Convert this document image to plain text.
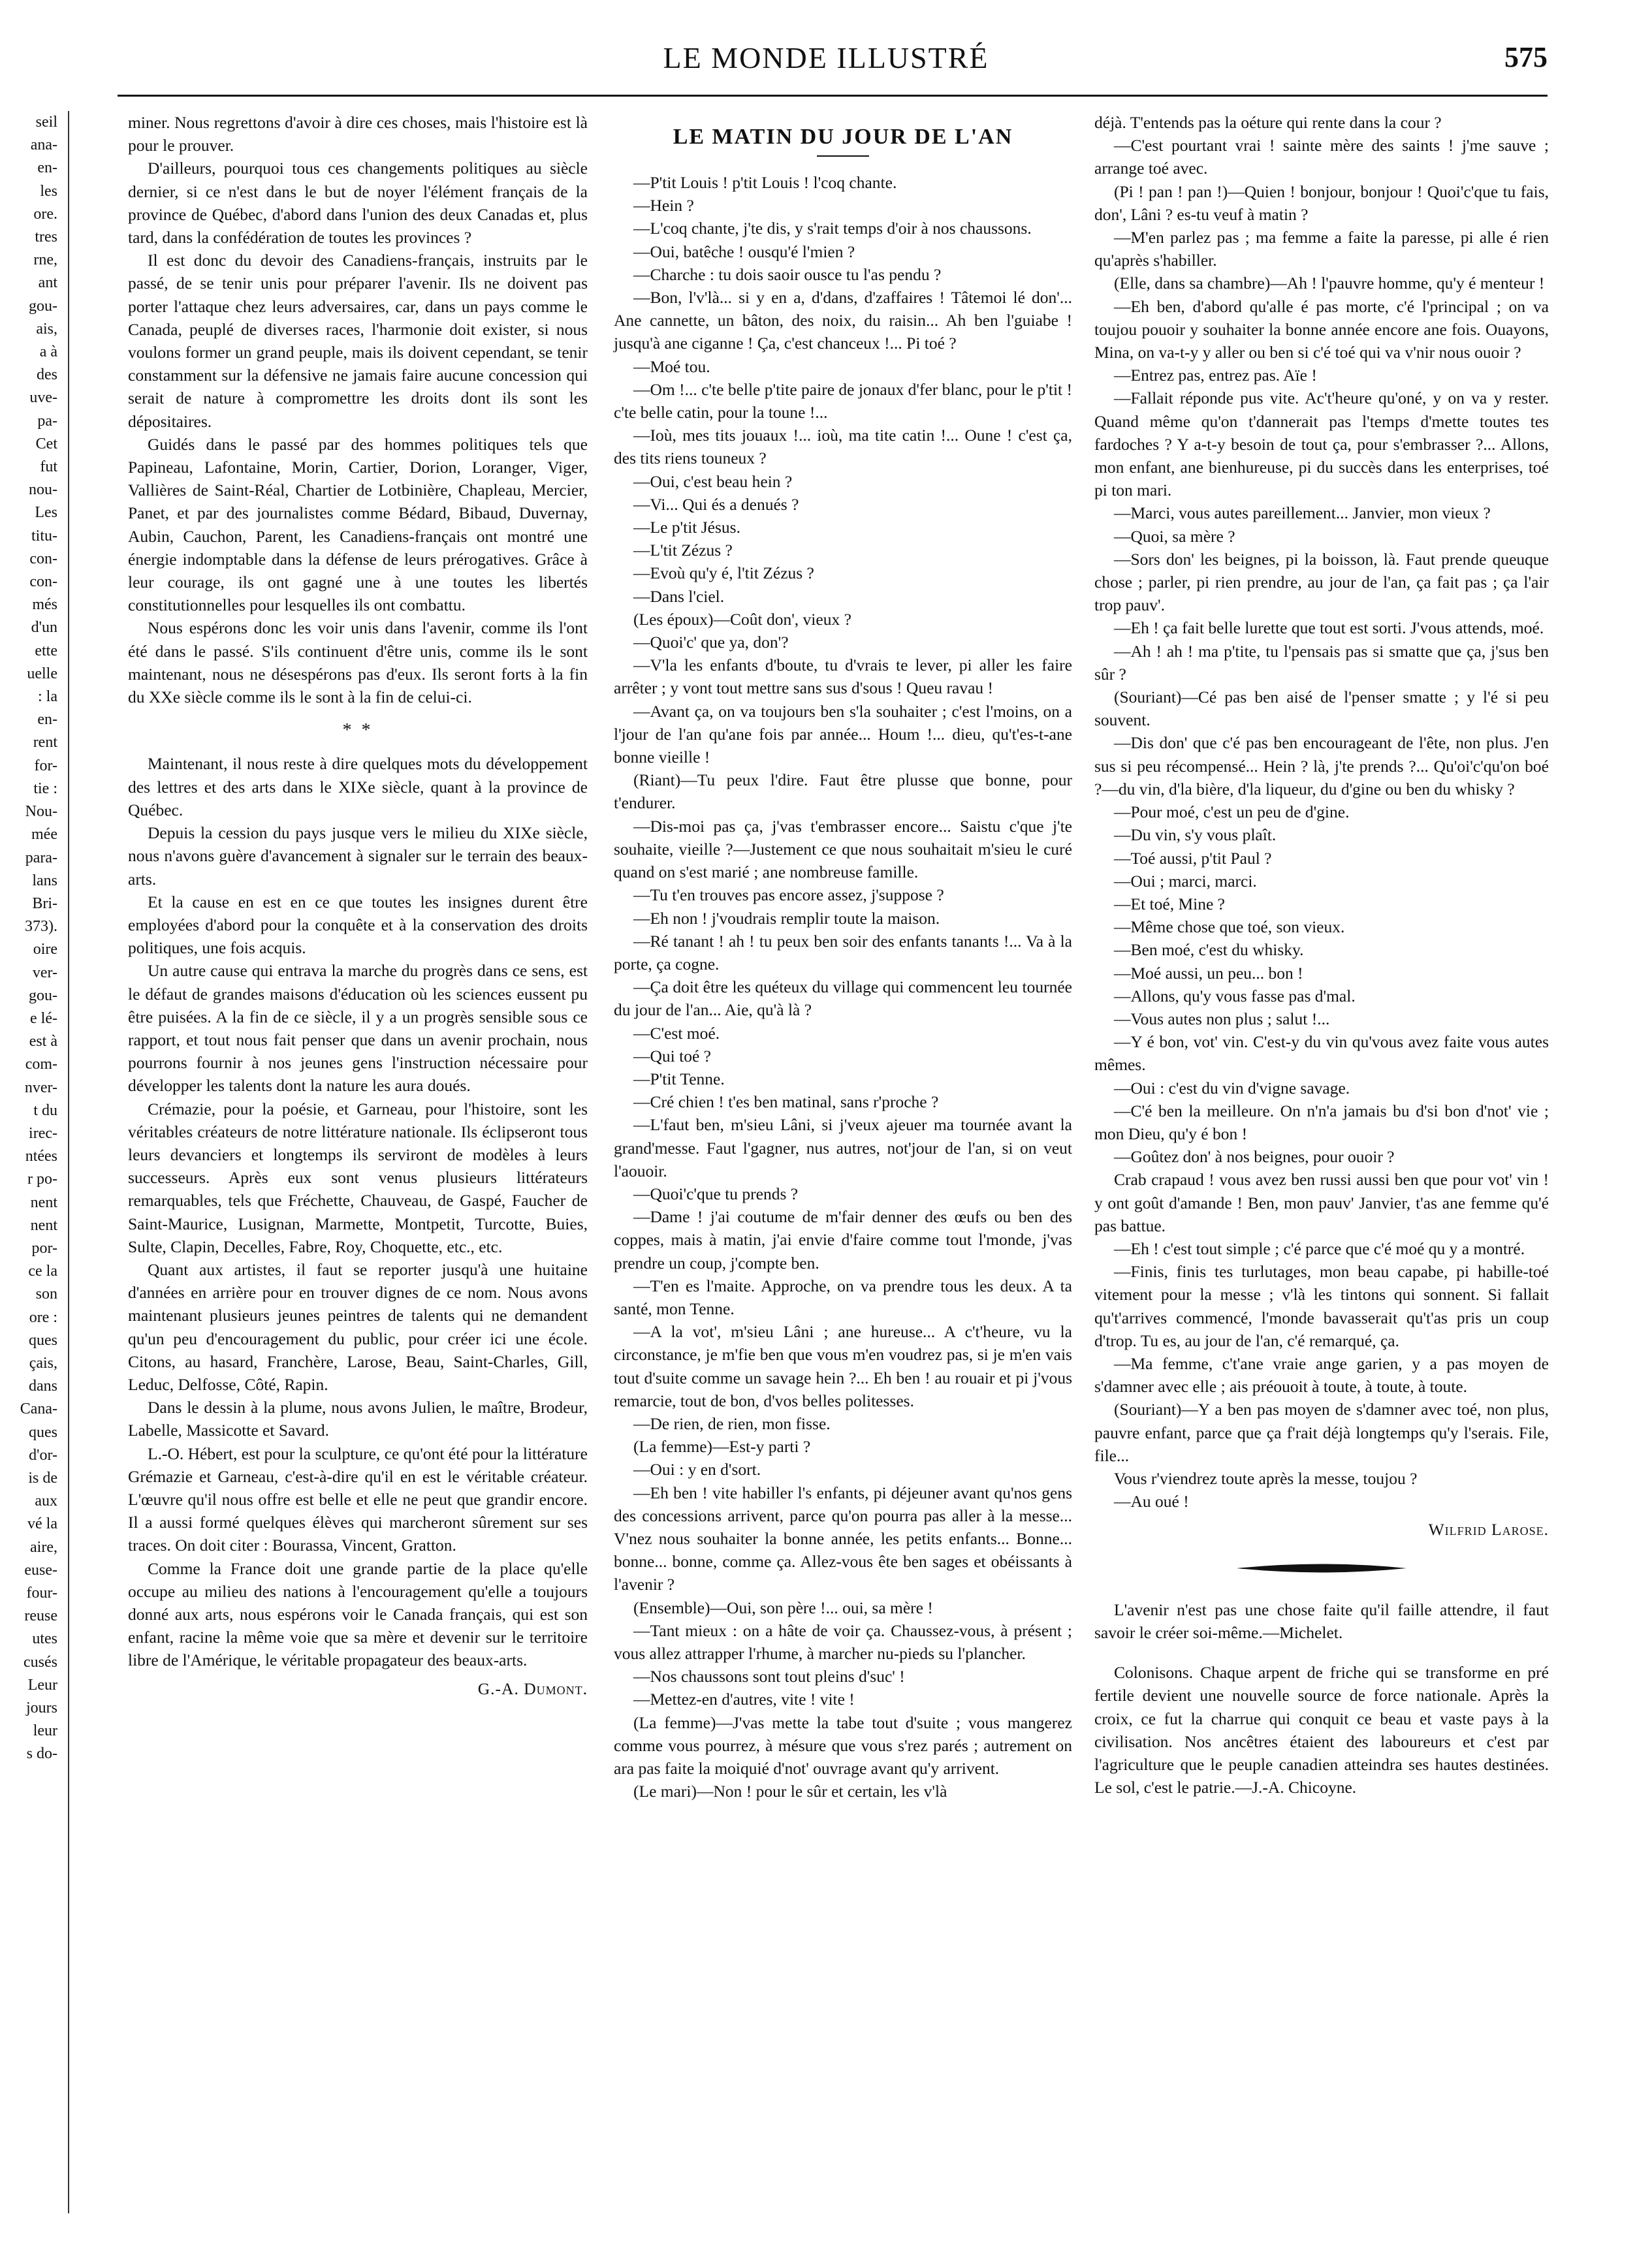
LE MONDE ILLUSTRÉ	575

seil

ana-

en-

les

ore.

tres

rne,

ant

gou-

ais,

a à

des

uve-

pa-

Cet

fut

nou-

Les

titu-

con-

con-

més

d'un

ette

uelle

: la

en-

rent

for-

tie :

Nou-

mée

para-

lans

Bri-

373).

oire

ver-

gou-

e lé-

est à

com-

nver-

t du

irec-

ntées

r po-

nent

nent

por-

ce la

son

ore :

ques

çais,

dans

Cana-

ques

d'or-

is de

aux

vé la

aire,

euse-

four-

reuse

utes

cusés

Leur

jours

leur

s do-

miner. Nous regrettons d'avoir à dire ces choses, mais l'histoire est là pour le prouver.

D'ailleurs, pourquoi tous ces changements politiques au siècle dernier, si ce n'est dans le but de noyer l'élément français de la province de Québec, d'abord dans l'union des deux Canadas et, plus tard, dans la confédération de toutes les provinces ?

Il est donc du devoir des Canadiens-français, instruits par le passé, de se tenir unis pour préparer l'avenir. Ils ne doivent pas porter l'attaque chez leurs adversaires, car, dans un pays comme le Canada, peuplé de diverses races, l'harmonie doit exister, si nous voulons former un grand peuple, mais ils doivent cependant, se tenir constamment sur la défensive ne jamais faire aucune concession qui serait de nature à compromettre les droits dont ils sont les dépositaires.

Guidés dans le passé par des hommes politiques tels que Papineau, Lafontaine, Morin, Cartier, Dorion, Loranger, Viger, Vallières de Saint-Réal, Chartier de Lotbinière, Chapleau, Mercier, Panet, et par des journalistes comme Bédard, Bibaud, Duvernay, Aubin, Cauchon, Parent, les Canadiens-français ont montré une énergie indomptable dans la défense de leurs prérogatives. Grâce à leur courage, ils ont gagné une à une toutes les libertés constitutionnelles pour lesquelles ils ont combattu.

Nous espérons donc les voir unis dans l'avenir, comme ils l'ont été dans le passé. S'ils continuent d'être unis, comme ils le sont maintenant, nous ne désespérons pas d'eux. Ils seront forts à la fin du XXe siècle comme ils le sont à la fin de celui-ci.

* *

Maintenant, il nous reste à dire quelques mots du développement des lettres et des arts dans le XIXe siècle, quant à la province de Québec.

Depuis la cession du pays jusque vers le milieu du XIXe siècle, nous n'avons guère d'avancement à signaler sur le terrain des beaux-arts.

Et la cause en est en ce que toutes les insignes durent être employées d'abord pour la conquête et à la conservation des droits politiques, une fois acquis.

Un autre cause qui entrava la marche du progrès dans ce sens, est le défaut de grandes maisons d'éducation où les sciences eussent pu être puisées. A la fin de ce siècle, il y a un progrès sensible sous ce rapport, et tout nous fait penser que dans un avenir prochain, nous pourrons fournir à nos jeunes gens l'instruction nécessaire pour développer les talents dont la nature les aura doués.

Crémazie, pour la poésie, et Garneau, pour l'histoire, sont les véritables créateurs de notre littérature nationale. Ils éclipseront tous leurs devanciers et longtemps ils serviront de modèles à leurs successeurs. Après eux sont venus plusieurs littérateurs remarquables, tels que Fréchette, Chauveau, de Gaspé, Faucher de Saint-Maurice, Lusignan, Marmette, Montpetit, Turcotte, Buies, Sulte, Clapin, Decelles, Fabre, Roy, Choquette, etc., etc.

Quant aux artistes, il faut se reporter jusqu'à une huitaine d'années en arrière pour en trouver dignes de ce nom. Nous avons maintenant plusieurs jeunes peintres de talents qui ne demandent qu'un peu d'encouragement du public, pour créer ici une école. Citons, au hasard, Franchère, Larose, Beau, Saint-Charles, Gill, Leduc, Delfosse, Côté, Rapin.

Dans le dessin à la plume, nous avons Julien, le maître, Brodeur, Labelle, Massicotte et Savard.

L.-O. Hébert, est pour la sculpture, ce qu'ont été pour la littérature Grémazie et Garneau, c'est-à-dire qu'il en est le véritable créateur. L'œuvre qu'il nous offre est belle et elle ne peut que grandir encore. Il a aussi formé quelques élèves qui marcheront sûrement sur ses traces. On doit citer : Bourassa, Vincent, Gratton.

Comme la France doit une grande partie de la place qu'elle occupe au milieu des nations à l'encouragement qu'elle a toujours donné aux arts, nous espérons voir le Canada français, qui est son enfant, racine la même voie que sa mère et devenir sur le territoire libre de l'Amérique, le véritable propagateur des beaux-arts.

G.-A. Dumont.
LE MATIN DU JOUR DE L'AN

—P'tit Louis ! p'tit Louis ! l'coq chante.

—Hein ?

—L'coq chante, j'te dis, y s'rait temps d'oir à nos chaussons.

—Oui, batêche ! ousqu'é l'mien ?

—Charche : tu dois saoir ousce tu l'as pendu ?

—Bon, l'v'là... si y en a, d'dans, d'zaffaires ! Tâtemoi lé don'... Ane cannette, un bâton, des noix, du raisin... Ah ben l'guiabe ! jusqu'à ane ciganne ! Ça, c'est chanceux !... Pi toé ?

—Moé tou.

—Om !... c'te belle p'tite paire de jonaux d'fer blanc, pour le p'tit ! c'te belle catin, pour la toune !...

—Ioù, mes tits jouaux !... ioù, ma tite catin !... Oune ! c'est ça, des tits riens touneux ?

—Oui, c'est beau hein ?

—Vi... Qui és a denués ?

—Le p'tit Jésus.

—L'tit Zézus ?

—Evoù qu'y é, l'tit Zézus ?

—Dans l'ciel.

(Les époux)—Coût don', vieux ?

—Quoi'c' que ya, don'?

—V'la les enfants d'boute, tu d'vrais te lever, pi aller les faire arrêter ; y vont tout mettre sans sus d'sous ! Queu ravau !

—Avant ça, on va toujours ben s'la souhaiter ; c'est l'moins, on a l'jour de l'an qu'ane fois par année... Houm !... dieu, qu't'es-t-ane bonne vieille !

(Riant)—Tu peux l'dire. Faut être plusse que bonne, pour t'endurer.

—Dis-moi pas ça, j'vas t'embrasser encore... Saistu c'que j'te souhaite, vieille ?—Justement ce que nous souhaitait m'sieu le curé quand on s'est marié ; ane nombreuse famille.

—Tu t'en trouves pas encore assez, j'suppose ?

—Eh non ! j'voudrais remplir toute la maison.

—Ré tanant ! ah ! tu peux ben soir des enfants tanants !... Va à la porte, ça cogne.

—Ça doit être les quéteux du village qui commencent leu tournée du jour de l'an... Aie, qu'à là ?

—C'est moé.

—Qui toé ?

—P'tit Tenne.

—Cré chien ! t'es ben matinal, sans r'proche ?

—L'faut ben, m'sieu Lâni, si j'veux ajeuer ma tournée avant la grand'messe. Faut l'gagner, nus autres, not'jour de l'an, si on veut l'aouoir.

—Quoi'c'que tu prends ?

—Dame ! j'ai coutume de m'fair denner des œufs ou ben des coppes, mais à matin, j'ai envie d'faire comme tout l'monde, j'vas prendre un coup, j'compte ben.

—T'en es l'maite. Approche, on va prendre tous les deux. A ta santé, mon Tenne.

—A la vot', m'sieu Lâni ; ane hureuse... A c't'heure, vu la circonstance, je m'fie ben que vous m'en voudrez pas, si je m'en vais tout d'suite comme un savage hein ?... Eh ben ! au rouair et pi j'vous remarcie, tout de bon, d'vos belles politesses.

—De rien, de rien, mon fisse.

(La femme)—Est-y parti ?

—Oui : y en d'sort.

—Eh ben ! vite habiller l's enfants, pi déjeuner avant qu'nos gens des concessions arrivent, parce qu'on pourra pas aller à la messe... V'nez nous souhaiter la bonne année, les petits enfants... Bonne... bonne... bonne, comme ça. Allez-vous ête ben sages et obéissants à l'avenir ?

(Ensemble)—Oui, son père !... oui, sa mère !

—Tant mieux : on a hâte de voir ça. Chaussez-vous, à présent ; vous allez attrapper l'rhume, à marcher nu-pieds su l'plancher.

—Nos chaussons sont tout pleins d'suc' !

—Mettez-en d'autres, vite ! vite !

(La femme)—J'vas mette la tabe tout d'suite ; vous mangerez comme vous pourrez, à mésure que vous s'rez parés ; autrement on ara pas faite la moiquié d'not' ouvrage avant qu'y arrivent.

(Le mari)—Non ! pour le sûr et certain, les v'là

déjà. T'entends pas la oéture qui rente dans la cour ?

—C'est pourtant vrai ! sainte mère des saints ! j'me sauve ; arrange toé avec.

(Pi ! pan ! pan !)—Quien ! bonjour, bonjour ! Quoi'c'que tu fais, don', Lâni ? es-tu veuf à matin ?

—M'en parlez pas ; ma femme a faite la paresse, pi alle é rien qu'après s'habiller.

(Elle, dans sa chambre)—Ah ! l'pauvre homme, qu'y é menteur !

—Eh ben, d'abord qu'alle é pas morte, c'é l'principal ; on va toujou pouoir y souhaiter la bonne année encore ane fois. Ouayons, Mina, on va-t-y y aller ou ben si c'é toé qui va v'nir nous ouoir ?

—Entrez pas, entrez pas. Aïe !

—Fallait réponde pus vite. Ac't'heure qu'oné, y on va y rester. Quand même qu'on t'dannerait pas l'temps d'mette toutes tes fardoches ? Y a-t-y besoin de tout ça, pour s'embrasser ?... Allons, mon enfant, ane bienhureuse, pi du succès dans les enterprises, toé pi ton mari.

—Marci, vous autes pareillement... Janvier, mon vieux ?

—Quoi, sa mère ?

—Sors don' les beignes, pi la boisson, là. Faut prende queuque chose ; parler, pi rien prendre, au jour de l'an, ça fait pas ; ça l'air trop pauv'.

—Eh ! ça fait belle lurette que tout est sorti. J'vous attends, moé.

—Ah ! ah ! ma p'tite, tu l'pensais pas si smatte que ça, j'sus ben sûr ?

(Souriant)—Cé pas ben aisé de l'penser smatte ; y l'é si peu souvent.

—Dis don' que c'é pas ben encourageant de l'ête, non plus. J'en sus si peu récompensé... Hein ? là, j'te prends ?... Qu'oi'c'qu'on boé ?—du vin, d'la bière, d'la liqueur, du d'gine ou ben du whisky ?

—Pour moé, c'est un peu de d'gine.

—Du vin, s'y vous plaît.

—Toé aussi, p'tit Paul ?

—Oui ; marci, marci.

—Et toé, Mine ?

—Même chose que toé, son vieux.

—Ben moé, c'est du whisky.

—Moé aussi, un peu... bon !

—Allons, qu'y vous fasse pas d'mal.

—Vous autes non plus ; salut !...

—Y é bon, vot' vin. C'est-y du vin qu'vous avez faite vous autes mêmes.

—Oui : c'est du vin d'vigne savage.

—C'é ben la meilleure. On n'n'a jamais bu d'si bon d'not' vie ; mon Dieu, qu'y é bon !

—Goûtez don' à nos beignes, pour ouoir ?

Crab crapaud ! vous avez ben russi aussi ben que pour vot' vin ! y ont goût d'amande ! Ben, mon pauv' Janvier, t'as ane femme qu'é pas battue.

—Eh ! c'est tout simple ; c'é parce que c'é moé qu y a montré.

—Finis, finis tes turlutages, mon beau capabe, pi habille-toé vitement pour la messe ; v'là les tintons qui sonnent. Si fallait qu't'arrives commencé, l'monde bavasserait qu't'as pris un coup d'trop. Tu es, au jour de l'an, c'é remarqué, ça.

—Ma femme, c't'ane vraie ange garien, y a pas moyen de s'damner avec elle ; ais préouoit à toute, à toute, à toute.

(Souriant)—Y a ben pas moyen de s'damner avec toé, non plus, pauvre enfant, parce que ça f'rait déjà longtemps qu'y l'serais. File, file...

Vous r'viendrez toute après la messe, toujou ?

—Au oué !

Wilfrid Larose.

L'avenir n'est pas une chose faite qu'il faille attendre, il faut savoir le créer soi-même.—Michelet.

Colonisons. Chaque arpent de friche qui se transforme en pré fertile devient une nouvelle source de force nationale. Après la croix, ce fut la charrue qui conquit ce beau et vaste pays à la civilisation. Nos ancêtres étaient des laboureurs et c'est par l'agriculture que le peuple canadien atteindra ses hautes destinées. Le sol, c'est le patrie.—J.-A. Chicoyne.
